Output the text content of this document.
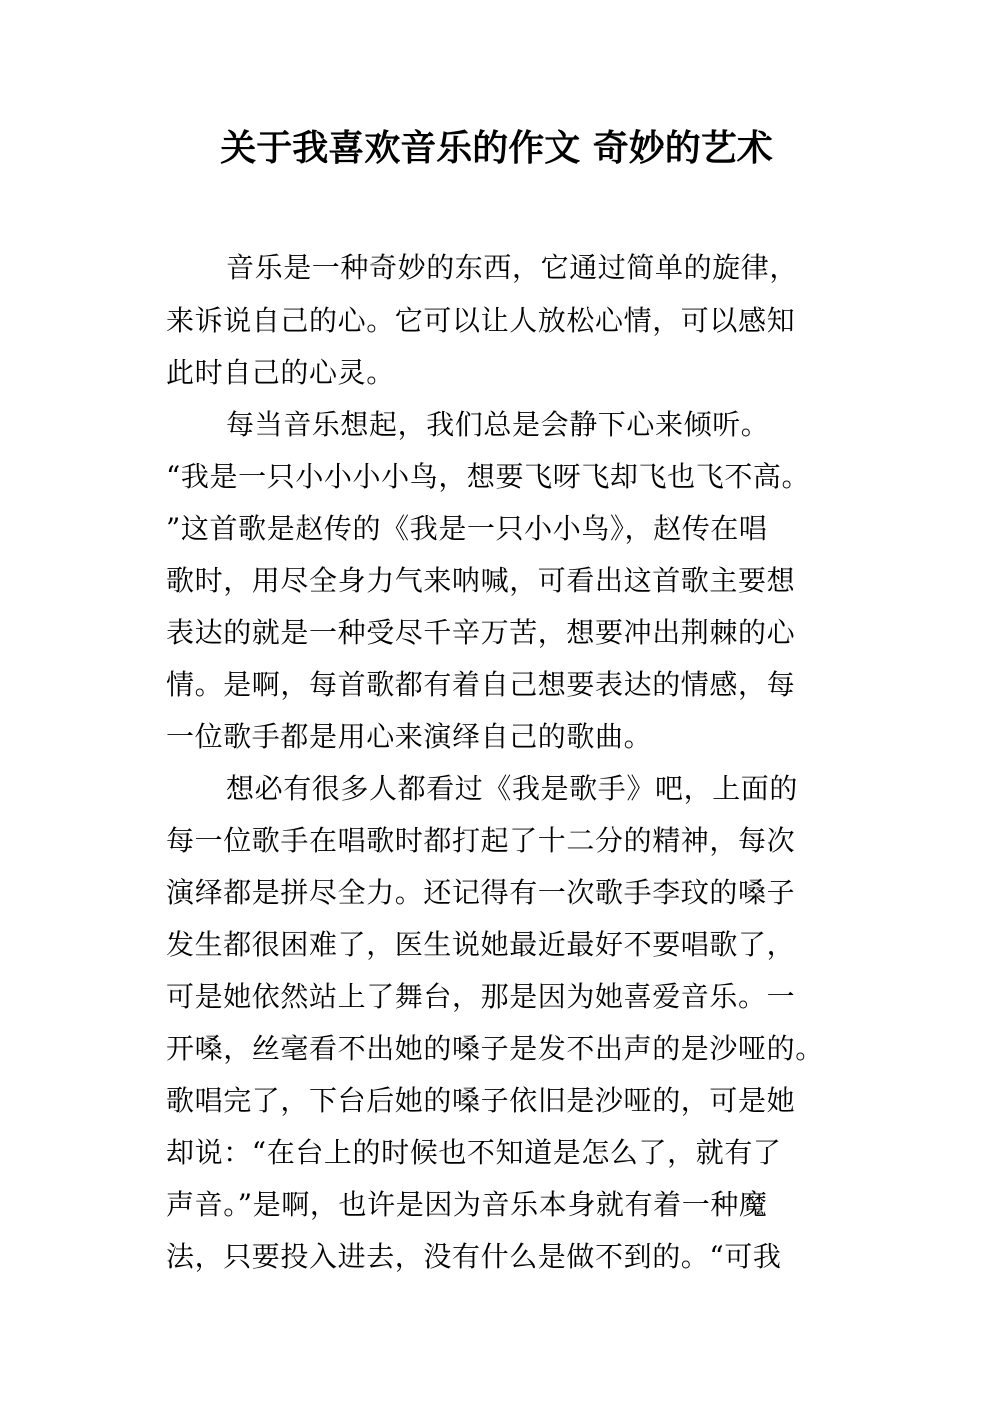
关于我喜欢音乐的作文 奇妙的艺术
音乐是一种奇妙的东西，它通过简单的旋律，
来诉说自己的心。它可以让人放松心情，可以感知
此时自己的心灵。
每当音乐想起，我们总是会静下心来倾听。
“我是一只小小小小鸟，想要飞呀飞却飞也飞不高。
”这首歌是赵传的《我是一只小小鸟》，赵传在唱
歌时，用尽全身力气来呐喊，可看出这首歌主要想
表达的就是一种受尽千辛万苦，想要冲出荆棘的心
情。是啊，每首歌都有着自己想要表达的情感，每
一位歌手都是用心来演绎自己的歌曲。
想必有很多人都看过《我是歌手》吧，上面的
每一位歌手在唱歌时都打起了十二分的精神，每次
演绎都是拼尽全力。还记得有一次歌手李玟的嗓子
发生都很困难了，医生说她最近最好不要唱歌了，
可是她依然站上了舞台，那是因为她喜爱音乐。一
开嗓，丝毫看不出她的嗓子是发不出声的是沙哑的。
歌唱完了，下台后她的嗓子依旧是沙哑的，可是她
却说：“在台上的时候也不知道是怎么了，就有了
声音。”是啊，也许是因为音乐本身就有着一种魔
法，只要投入进去，没有什么是做不到的。“可我
